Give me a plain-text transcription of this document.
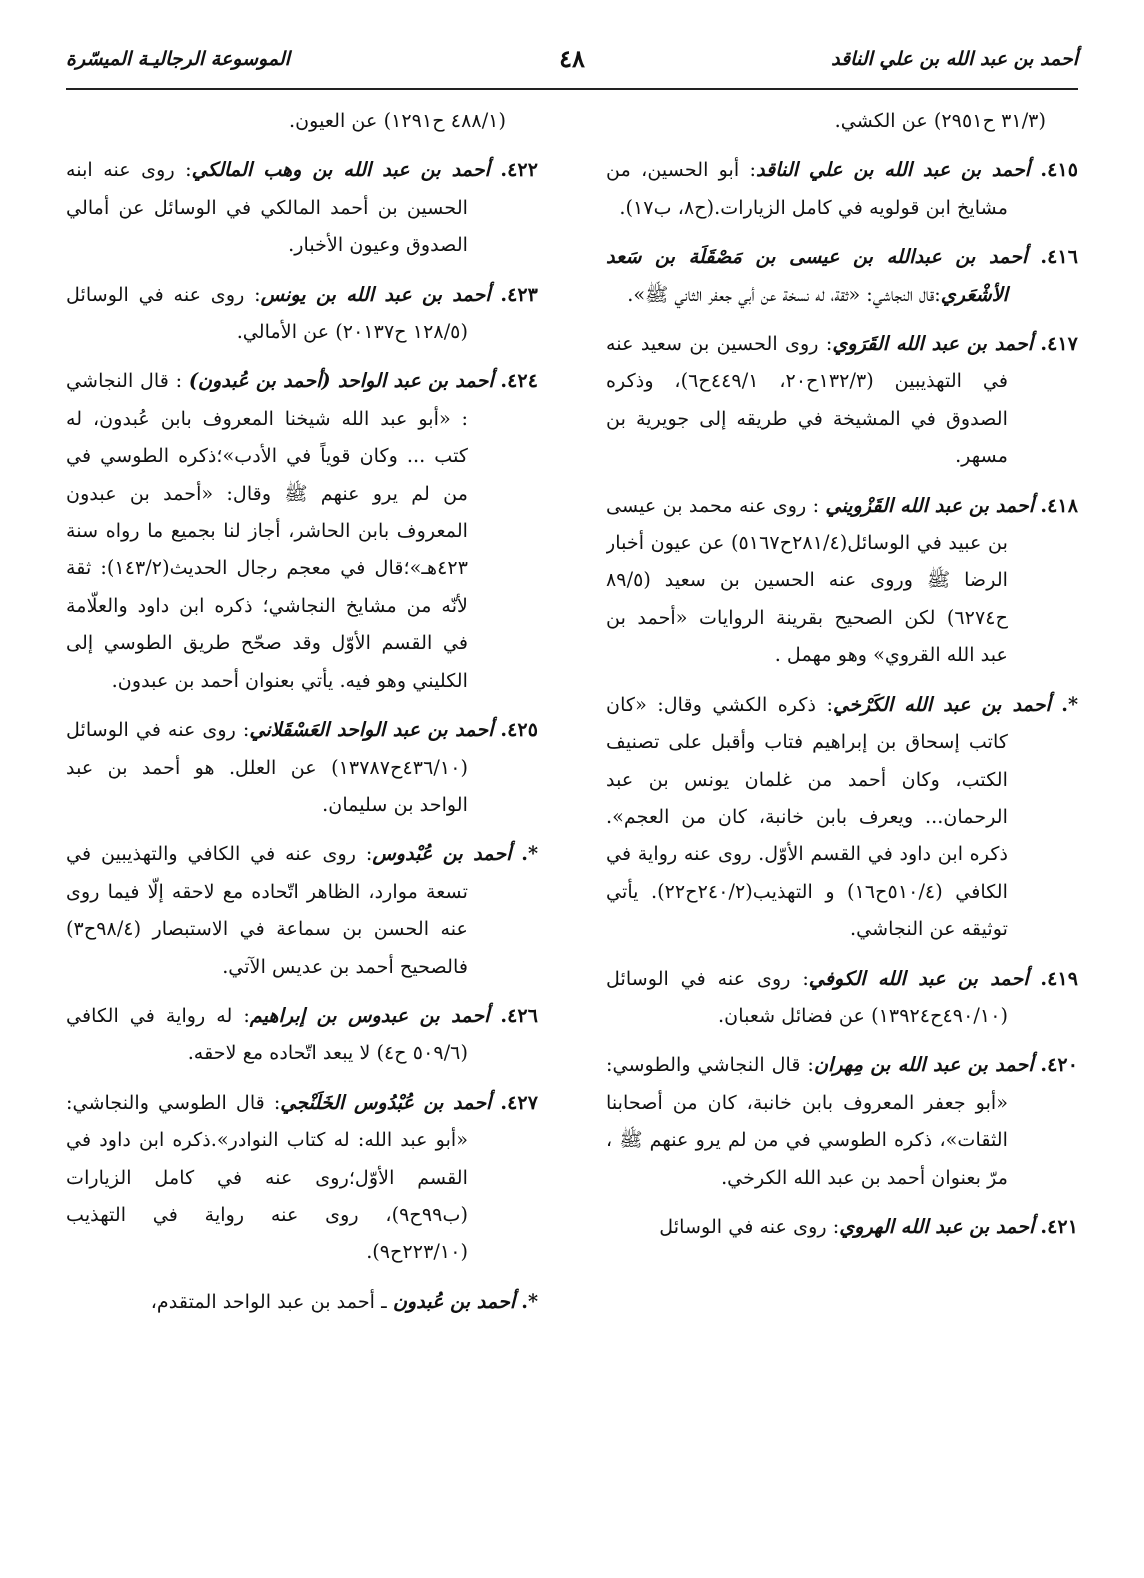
أحمد بن عبد الله بن علي الناقد
٤٨
الموسوعة الرجاليـة الميسّرة

(٣١/٣ ح٢٩٥١) عن الكشي.

٤١٥. أحمد بن عبد الله بن علي الناقد: أبو الحسين، من مشايخ ابن قولويه في كامل الزيارات.(ح٨، ب١٧).

٤١٦. أحمد بن عبدالله بن عيسى بن مَصْقَلَة بن سَعد الأشْعَري:قال النجاشي: «ثقة، له نسخة عن أبي جعفر الثاني ﷺ».

٤١٧. أحمد بن عبد الله القَرَوي: روى الحسين بن سعيد عنه في التهذيبين (١٣٢/٣ح٢٠، ٤٤٩/١ح٦)، وذكره الصدوق في المشيخة في طريقه إلى جويرية بن مسهر.

٤١٨. أحمد بن عبد الله القَزْويني : روى عنه محمد بن عيسى بن عبيد في الوسائل(٢٨١/٤ح٥١٦٧) عن عيون أخبار الرضا ﷺ وروى عنه الحسين بن سعيد (٨٩/٥ ح٦٢٧٤) لكن الصحيح بقرينة الروايات «أحمد بن عبد الله القروي» وهو مهمل .

*. أحمد بن عبد الله الكَرْخي: ذكره الكشي وقال: «كان كاتب إسحاق بن إبراهيم فتاب وأقبل على تصنيف الكتب، وكان أحمد من غلمان يونس بن عبد الرحمان... ويعرف بابن خانبة، كان من العجم». ذكره ابن داود في القسم الأوّل. روى عنه رواية في الكافي (٥١٠/٤ح١٦) و التهذيب(٢٤٠/٢ح٢٢). يأتي توثيقه عن النجاشي.

٤١٩. أحمد بن عبد الله الكوفي: روى عنه في الوسائل (٤٩٠/١٠ح١٣٩٢٤) عن فضائل شعبان.

٤٢٠. أحمد بن عبد الله بن مِهران: قال النجاشي والطوسي: «أبو جعفر المعروف بابن خانبة، كان من أصحابنا الثقات»، ذكره الطوسي في من لم يرو عنهم ﷺ ، مرّ بعنوان أحمد بن عبد الله الكرخي.

٤٢١. أحمد بن عبد الله الهروي: روى عنه في الوسائل

(٤٨٨/١ ح١٢٩١) عن العيون.

٤٢٢. أحمد بن عبد الله بن وهب المالكي: روى عنه ابنه الحسين بن أحمد المالكي في الوسائل عن أمالي الصدوق وعيون الأخبار.

٤٢٣. أحمد بن عبد الله بن يونس: روى عنه في الوسائل (١٢٨/٥ ح٢٠١٣٧) عن الأمالي.

٤٢٤. أحمد بن عبد الواحد (أحمد بن عُبدون) : قال النجاشي : «أبو عبد الله شيخنا المعروف بابن عُبدون، له كتب ... وكان قوياً في الأدب»؛ذكره الطوسي في من لم يرو عنهم ﷺ وقال: «أحمد بن عبدون المعروف بابن الحاشر، أجاز لنا بجميع ما رواه سنة ٤٢٣هـ»؛قال في معجم رجال الحديث(١٤٣/٢): ثقة لأنّه من مشايخ النجاشي؛ ذكره ابن داود والعلّامة في القسم الأوّل وقد صحّح طريق الطوسي إلى الكليني وهو فيه. يأتي بعنوان أحمد بن عبدون.

٤٢٥. أحمد بن عبد الواحد العَسْقَلاني: روى عنه في الوسائل (٤٣٦/١٠ح١٣٧٨٧) عن العلل. هو أحمد بن عبد الواحد بن سليمان.

*. أحمد بن عُبْدوس: روى عنه في الكافي والتهذيبين في تسعة موارد، الظاهر اتّحاده مع لاحقه إلّا فيما روى عنه الحسن بن سماعة في الاستبصار (٩٨/٤ح٣) فالصحيح أحمد بن عديس الآتي.

٤٢٦. أحمد بن عبدوس بن إبراهيم: له رواية في الكافي (٥٠٩/٦ ح٤) لا يبعد اتّحاده مع لاحقه.

٤٢٧. أحمد بن عُبْدُوس الخَلَنْجي: قال الطوسي والنجاشي: «أبو عبد الله: له كتاب النوادر».ذكره ابن داود في القسم الأوّل؛روى عنه في كامل الزيارات (ب٩٩ح٩)، روى عنه رواية في التهذيب (٢٢٣/١٠ح٩).

*. أحمد بن عُبدون ـ أحمد بن عبد الواحد المتقدم،
